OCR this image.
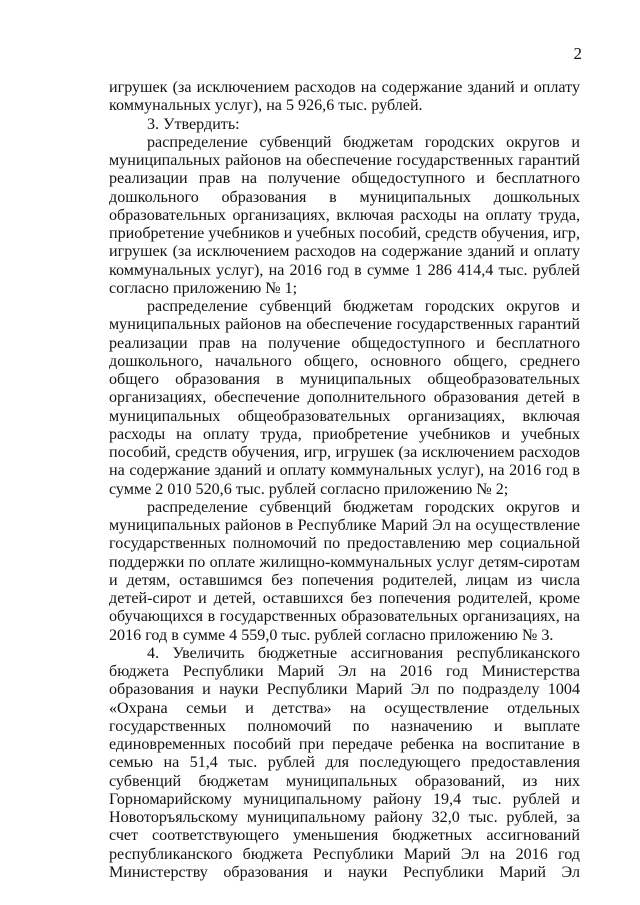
2

игрушек (за исключением расходов на содержание зданий и оплату коммунальных услуг), на 5 926,6 тыс. рублей.

3. Утвердить:

распределение субвенций бюджетам городских округов и муниципальных районов на обеспечение государственных гарантий реализации прав на получение общедоступного и бесплатного дошкольного образования в муниципальных дошкольных образовательных организациях, включая расходы на оплату труда, приобретение учебников и учебных пособий, средств обучения, игр, игрушек (за исключением расходов на содержание зданий и оплату коммунальных услуг), на 2016 год в сумме 1 286 414,4 тыс. рублей согласно приложению № 1;

распределение субвенций бюджетам городских округов и муниципальных районов на обеспечение государственных гарантий реализации прав на получение общедоступного и бесплатного дошкольного, начального общего, основного общего, среднего общего образования в муниципальных общеобразовательных организациях, обеспечение дополнительного образования детей в муниципальных общеобразовательных организациях, включая расходы на оплату труда, приобретение учебников и учебных пособий, средств обучения, игр, игрушек (за исключением расходов на содержание зданий и оплату коммунальных услуг), на 2016 год в сумме 2 010 520,6 тыс. рублей согласно приложению № 2;

распределение субвенций бюджетам городских округов и муниципальных районов в Республике Марий Эл на осуществление государственных полномочий по предоставлению мер социальной поддержки по оплате жилищно-коммунальных услуг детям-сиротам и детям, оставшимся без попечения родителей, лицам из числа детей-сирот и детей, оставшихся без попечения родителей, кроме обучающихся в государственных образовательных организациях, на 2016 год в сумме 4 559,0 тыс. рублей согласно приложению № 3.

4. Увеличить бюджетные ассигнования республиканского бюджета Республики Марий Эл на 2016 год Министерства образования и науки Республики Марий Эл по подразделу 1004 «Охрана семьи и детства» на осуществление отдельных государственных полномочий по назначению и выплате единовременных пособий при передаче ребенка на воспитание в семью на 51,4 тыс. рублей для последующего предоставления субвенций бюджетам муниципальных образований, из них Горномарийскому муниципальному району 19,4 тыс. рублей и Новоторъяльскому муниципальному району 32,0 тыс. рублей, за счет соответствующего уменьшения бюджетных ассигнований республиканского бюджета Республики Марий Эл на 2016 год Министерству образования и науки Республики Марий Эл
